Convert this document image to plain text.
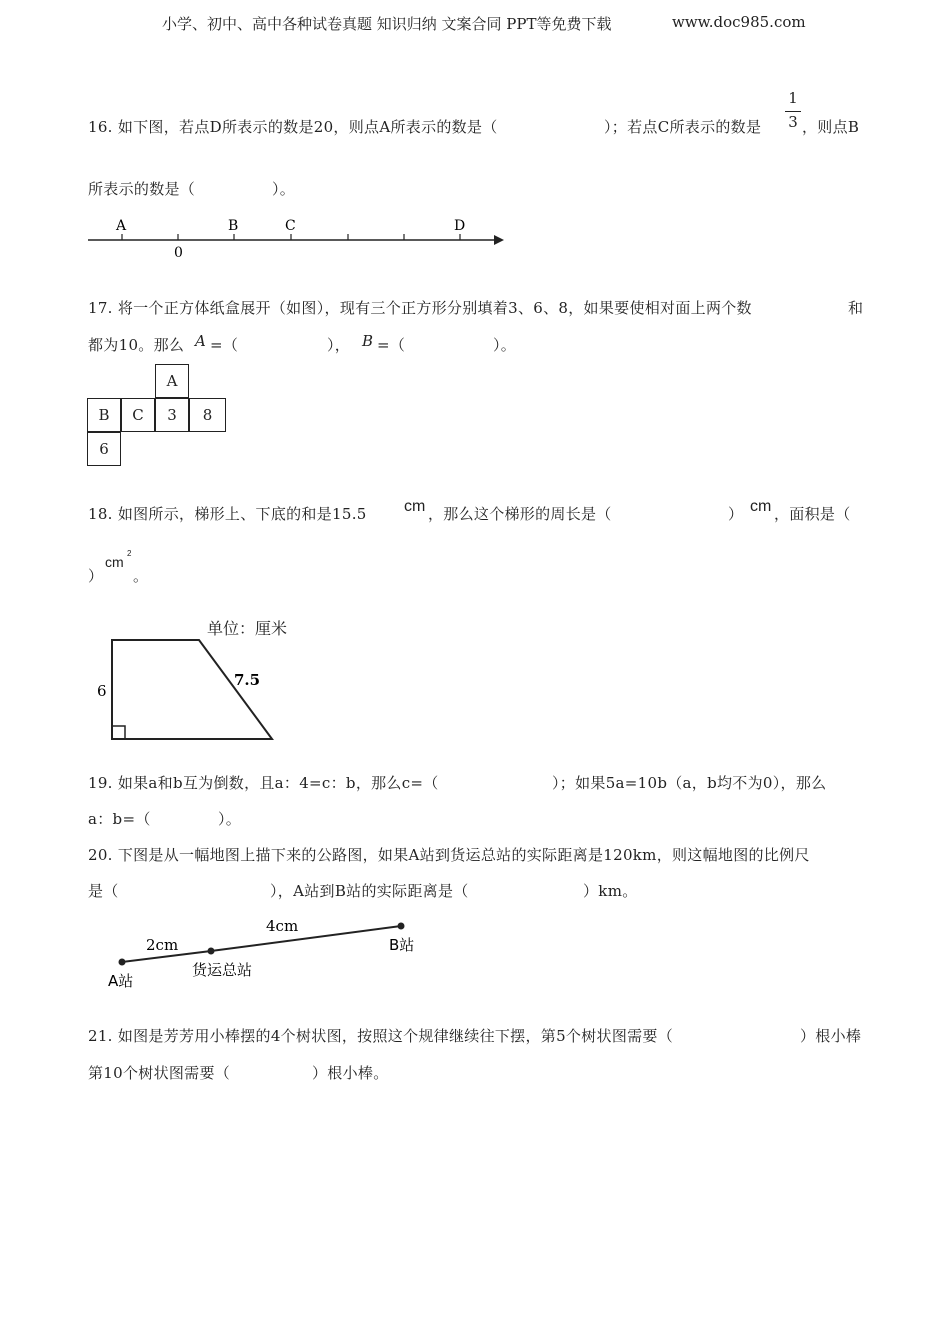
小学、初中、高中各种试卷真题 知识归纳 文案合同 PPT等免费下载	www.doc985.com
16. 如下图，若点D所表示的数是20，则点A所表示的数是（	）；若点C所表示的数是
1
3 ，则点B
所表示的数是（	）。
A	B	C	D
0
17. 将一个正方体纸盒展开（如图），现有三个正方形分别填着3、6、8，如果要使相对面上两个数	和
都为10。那么 A =（	）， B =（	）。
A
B	C	3	8
6
18. 如图所示，梯形上、下底的和是15.5 cm ，那么这个梯形的周长是（	） cm ，面积是（
）
cm
2
。
单位：厘米
6
7.5
19. 如果a和b互为倒数，且a：4=c：b，那么c=（	）；如果5a=10b（a，b均不为0），那么
a：b=（	）。
20. 下图是从一幅地图上描下来的公路图，如果A站到货运总站的实际距离是120km，则这幅地图的比例尺
是（	），A站到B站的实际距离是（	）km。
2cm
4cm
A站
货运总站
B站
21. 如图是芳芳用小棒摆的4个树状图，按照这个规律继续往下摆，第5个树状图需要（	）根小棒
第10个树状图需要（	）根小棒。
